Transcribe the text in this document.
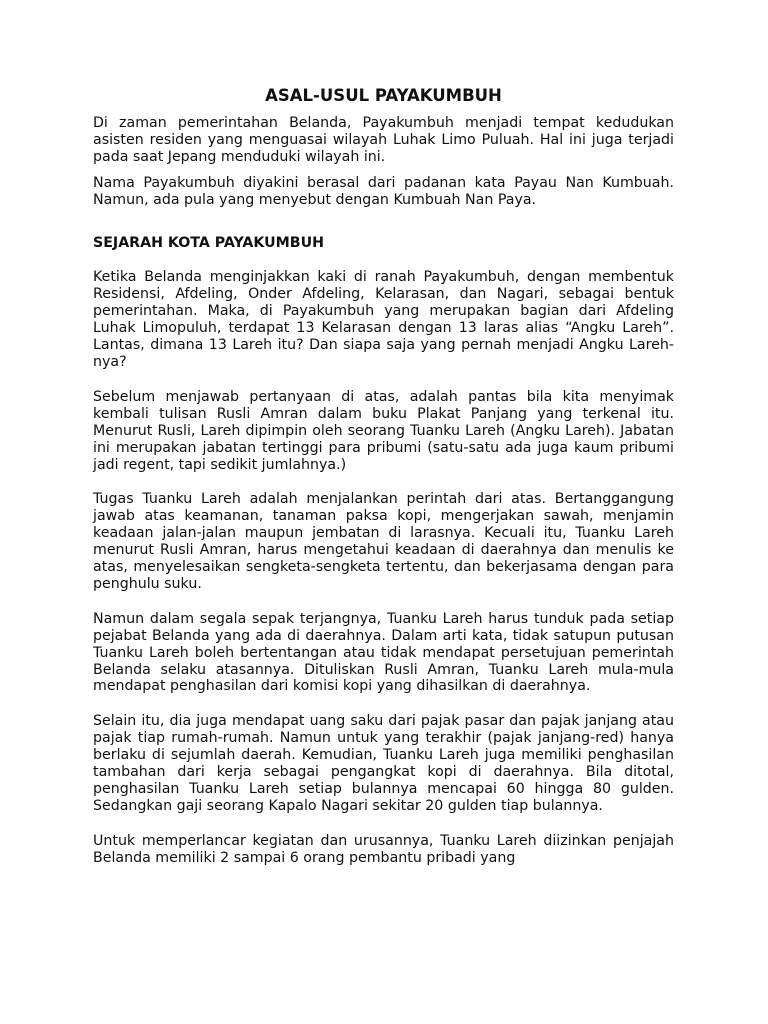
ASAL-USUL PAYAKUMBUH

Di zaman pemerintahan Belanda, Payakumbuh menjadi tempat kedudukan asisten residen yang menguasai wilayah Luhak Limo Puluah. Hal ini juga terjadi pada saat Jepang menduduki wilayah ini.

Nama Payakumbuh diyakini berasal dari padanan kata Payau Nan Kumbuah. Namun, ada pula yang menyebut dengan Kumbuah Nan Paya.

SEJARAH KOTA PAYAKUMBUH

Ketika Belanda menginjakkan kaki di ranah Payakumbuh, dengan membentuk Residensi, Afdeling, Onder Afdeling, Kelarasan, dan Nagari, sebagai bentuk pemerintahan. Maka, di Payakumbuh yang merupakan bagian dari Afdeling Luhak Limopuluh, terdapat 13 Kelarasan dengan 13 laras alias “Angku Lareh”. Lantas, dimana 13 Lareh itu? Dan siapa saja yang pernah menjadi Angku Lareh-nya?

Sebelum menjawab pertanyaan di atas, adalah pantas bila kita menyimak kembali tulisan Rusli Amran dalam buku Plakat Panjang yang terkenal itu. Menurut Rusli, Lareh dipimpin oleh seorang Tuanku Lareh (Angku Lareh). Jabatan ini merupakan jabatan tertinggi para pribumi (satu-satu ada juga kaum pribumi jadi regent, tapi sedikit jumlahnya.)

Tugas Tuanku Lareh adalah menjalankan perintah dari atas. Bertanggangung jawab atas keamanan, tanaman paksa kopi, mengerjakan sawah, menjamin keadaan jalan-jalan maupun jembatan di larasnya. Kecuali itu, Tuanku Lareh menurut Rusli Amran, harus mengetahui keadaan di daerahnya dan menulis ke atas, menyelesaikan sengketa-sengketa tertentu, dan bekerjasama dengan para penghulu suku.

Namun dalam segala sepak terjangnya, Tuanku Lareh harus tunduk pada setiap pejabat Belanda yang ada di daerahnya. Dalam arti kata, tidak satupun putusan Tuanku Lareh boleh bertentangan atau tidak mendapat persetujuan pemerintah Belanda selaku atasannya. Dituliskan Rusli Amran, Tuanku Lareh mula-mula mendapat penghasilan dari komisi kopi yang dihasilkan di daerahnya.

Selain itu, dia juga mendapat uang saku dari pajak pasar dan pajak janjang atau pajak tiap rumah-rumah. Namun untuk yang terakhir (pajak janjang-red) hanya berlaku di sejumlah daerah. Kemudian, Tuanku Lareh juga memiliki penghasilan tambahan dari kerja sebagai pengangkat kopi di daerahnya. Bila ditotal, penghasilan Tuanku Lareh setiap bulannya mencapai 60 hingga 80 gulden. Sedangkan gaji seorang Kapalo Nagari sekitar 20 gulden tiap bulannya.

Untuk memperlancar kegiatan dan urusannya, Tuanku Lareh diizinkan penjajah Belanda memiliki 2 sampai 6 orang pembantu pribadi yang
